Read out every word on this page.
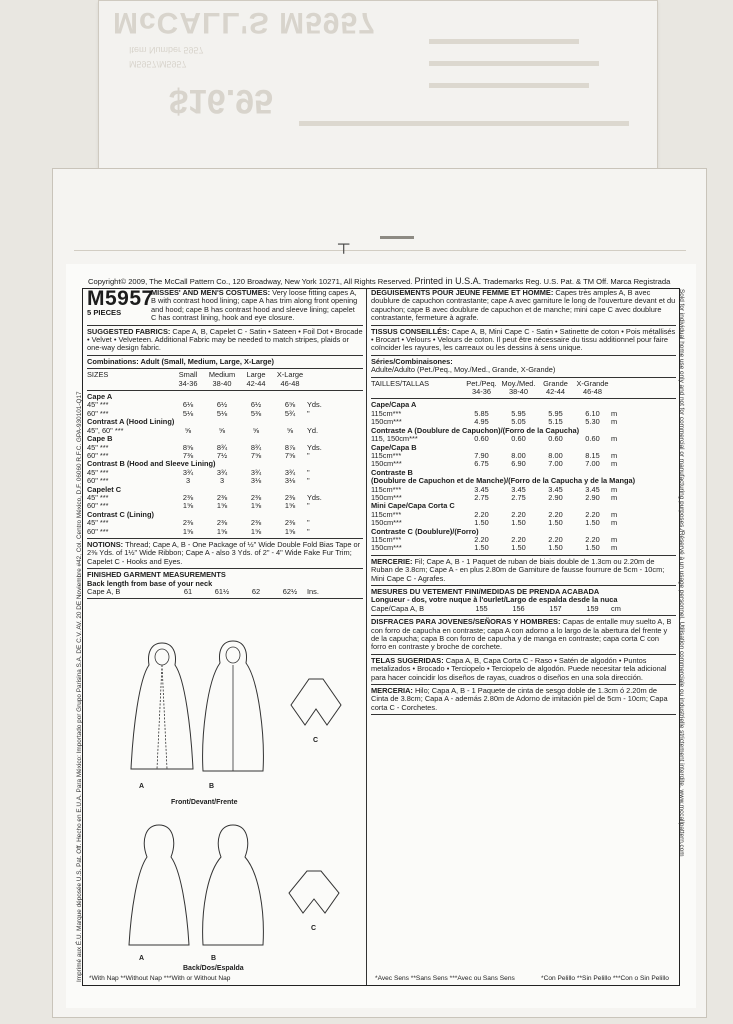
McCALL'S M5957
Item Number 5957
M5957/M5957
$16.95
┬
Copyright© 2009, The McCall Pattern Co., 120 Broadway, New York 10271, All Rights Reserved. Printed in U.S.A. Trademarks Reg. U.S. Pat. & TM Off. Marca Registrada
Imprimé aux É.U. Marque déposée U.S. Pat. Off. Hecho en E.U.A. Para México: Importado por Grupo Parisina S.A. DE C.V. AV. 20 DE Noviembre #42, Col. Centro México, D.F. 06060 R.F.C. GPA-930101-Q17	Sold for individual home use only and not for commercial or manufacturing purposes./Réservé à un usage personnel. Utilisation commerciale ou industrielle strictement interdite. www.mccallpattern.com
M5957
5 PIECES

MISSES' AND MEN'S COSTUMES: Very loose fitting capes A, B with contrast hood lining; cape A has trim along front opening and hood; cape B has contrast hood and sleeve lining; capelet C has contrast lining, hook and eye closure.

SUGGESTED FABRICS: Cape A, B, Capelet C - Satin • Sateen • Foil Dot • Brocade • Velvet • Velveteen. Additional Fabric may be needed to match stripes, plaids or one-way design fabric.

Combinations: Adult (Small, Medium, Large, X-Large)

SIZES	Small	Medium	Large	X-Large
34-36	38-40	42-44	46-48
Cape A
45" ***	6⅛	6½	6½	6⅝	Yds.
60" ***	5⅛	5⅛	5⅜	5¾	"
Contrast A (Hood Lining)
45", 60" ***	⅝	⅝	⅝	⅝	Yd.
Cape B
45" ***	8⅝	8¾	8¾	8⅞	Yds.
60" ***	7⅜	7½	7⅝	7⅝	"
Contrast B (Hood and Sleeve Lining)
45" ***	3¾	3¾	3¾	3¾	"
60" ***	3	3	3⅛	3⅛	"
Capelet C
45" ***	2⅜	2⅜	2⅜	2⅜	Yds.
60" ***	1⅝	1⅝	1⅝	1⅝	"
Contrast C (Lining)
45" ***	2⅜	2⅜	2⅜	2⅜	"
60" ***	1⅝	1⅝	1⅝	1⅝	"

NOTIONS: Thread; Cape A, B - One Package of ½" Wide Double Fold Bias Tape or 2⅜ Yds. of 1½" Wide Ribbon; Cape A - also 3 Yds. of 2" - 4" Wide Fake Fur Trim; Capelet C - Hooks and Eyes.

FINISHED GARMENT MEASUREMENTS

Back length from base of your neck

Cape A, B	61	61½	62	62½	Ins.
A	B
C
Front/Devant/Frente
A	B
C
Back/Dos/Espalda
*With Nap **Without Nap ***With or Without Nap

DEGUISEMENTS POUR JEUNE FEMME ET HOMME: Capes très amples A, B avec doublure de capuchon contrastante; cape A avec garniture le long de l'ouverture devant et du capuchon; cape B avec doublure de capuchon et de manche; mini cape C avec doublure contrastante, fermeture à agrafe.

TISSUS CONSEILLÉS: Cape A, B, Mini Cape C - Satin • Satinette de coton • Pois métallisés • Brocart • Velours • Velours de coton. Il peut être nécessaire du tissu additionnel pour faire coïncider les rayures, les carreaux ou les dessins à sens unique.

Séries/Combinaisones:

Adulte/Adulto (Pet./Peq., Moy./Med., Grande, X-Grande)

TAILLES/TALLAS	Pet./Peq. Moy./Med.	Grande	X-Grande
34-36	38-40	42-44	46-48
Cape/Capa A
115cm***	5.85	5.95	5.95	6.10	m
150cm***	4.95	5.05	5.15	5.30	m
Contraste A (Doublure de Capuchon)/(Forro de la Capucha)
115, 150cm***	0.60	0.60	0.60	0.60	m
Cape/Capa B
115cm***	7.90	8.00	8.00	8.15	m
150cm***	6.75	6.90	7.00	7.00	m
Contraste B
(Doublure de Capuchon et de Manche)/(Forro de la Capucha y de la Manga)
115cm***	3.45	3.45	3.45	3.45	m
150cm***	2.75	2.75	2.90	2.90	m
Mini Cape/Capa Corta C
115cm***	2.20	2.20	2.20	2.20	m
150cm***	1.50	1.50	1.50	1.50	m
Contraste C (Doublure)/(Forro)
115cm***	2.20	2.20	2.20	2.20	m
150cm***	1.50	1.50	1.50	1.50	m

MERCERIE: Fil; Cape A, B - 1 Paquet de ruban de biais double de 1.3cm ou 2.20m de Ruban de 3.8cm; Cape A - en plus 2.80m de Garniture de fausse fourrure de 5cm - 10cm; Mini Cape C - Agrafes.

MESURES DU VETEMENT FINI/MEDIDAS DE PRENDA ACABADA

Longueur - dos, votre nuque à l'ourlet/Largo de espalda desde la nuca

Cape/Capa A, B	155	156	157	159	cm

DISFRACES PARA JOVENES/SEÑORAS Y HOMBRES: Capas de entalle muy suelto A, B con forro de capucha en contraste; capa A con adorno a lo largo de la abertura del frente y de la capucha; capa B con forro de capucha y de manga en contraste; capa corta C con forro en contraste y broche de corchete.

TELAS SUGERIDAS: Capa A, B, Capa Corta C - Raso • Satén de algodón • Puntos metalizados • Brocado • Terciopelo • Terciopelo de algodón. Puede necesitar tela adicional para hacer coincidir los diseños de rayas, cuadros o diseños en una sola dirección.

MERCERIA: Hilo; Capa A, B - 1 Paquete de cinta de sesgo doble de 1.3cm ó 2.20m de Cinta de 3.8cm; Capa A - además 2.80m de Adorno de imitación piel de 5cm - 10cm; Capa corta C - Corchetes.

*Avec Sens **Sans Sens ***Avec ou Sans Sens	*Con Pelillo **Sin Pelillo ***Con o Sin Pelillo
